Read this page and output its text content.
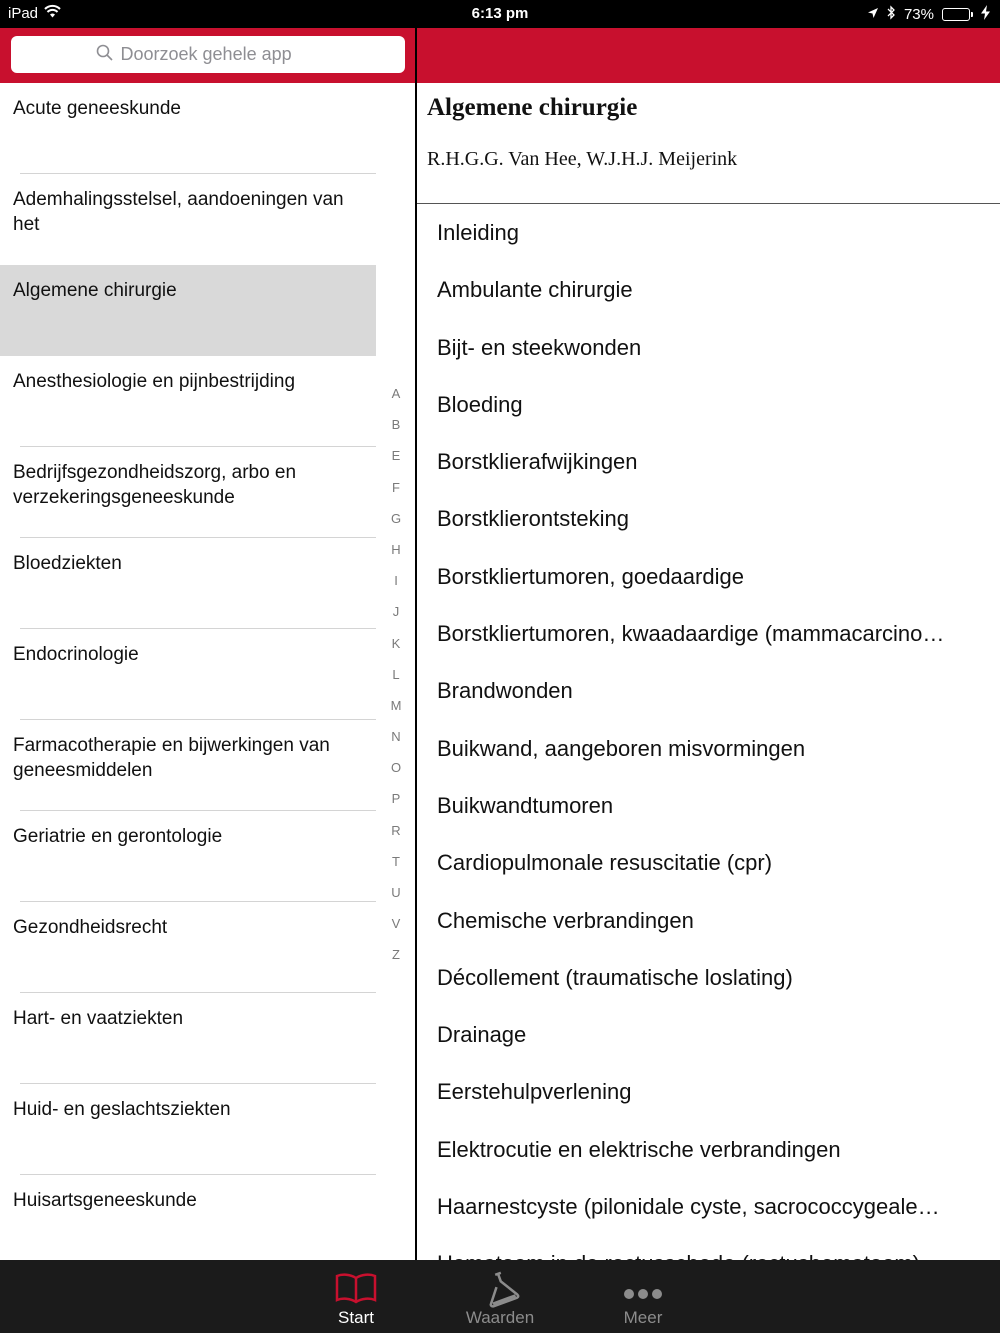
iPad	6:13 pm	73%
Doorzoek gehele app
Acute geneeskunde
Ademhalingsstelsel, aandoeningen van het
Algemene chirurgie
Anesthesiologie en pijnbestrijding
Bedrijfsgezondheidszorg, arbo en verzekeringsgeneeskunde
Bloedziekten
Endocrinologie
Farmacotherapie en bijwerkingen van geneesmiddelen
Geriatrie en gerontologie
Gezondheidsrecht
Hart- en vaatziekten
Huid- en geslachtsziekten
Huisartsgeneeskunde
A
B
E
F
G
H
I
J
K
L
M
N
O
P
R
T
U
V
Z
Algemene chirurgie
R.H.G.G. Van Hee, W.J.H.J. Meijerink
Inleiding
Ambulante chirurgie
Bijt- en steekwonden
Bloeding
Borstklierafwijkingen
Borstklierontsteking
Borstkliertumoren, goedaardige
Borstkliertumoren, kwaadaardige (mammacarcino…
Brandwonden
Buikwand, aangeboren misvormingen
Buikwandtumoren
Cardiopulmonale resuscitatie (cpr)
Chemische verbrandingen
Décollement (traumatische loslating)
Drainage
Eerstehulpverlening
Elektrocutie en elektrische verbrandingen
Haarnestcyste (pilonidale cyste, sacrococcygeale…
Start	Waarden	Meer
